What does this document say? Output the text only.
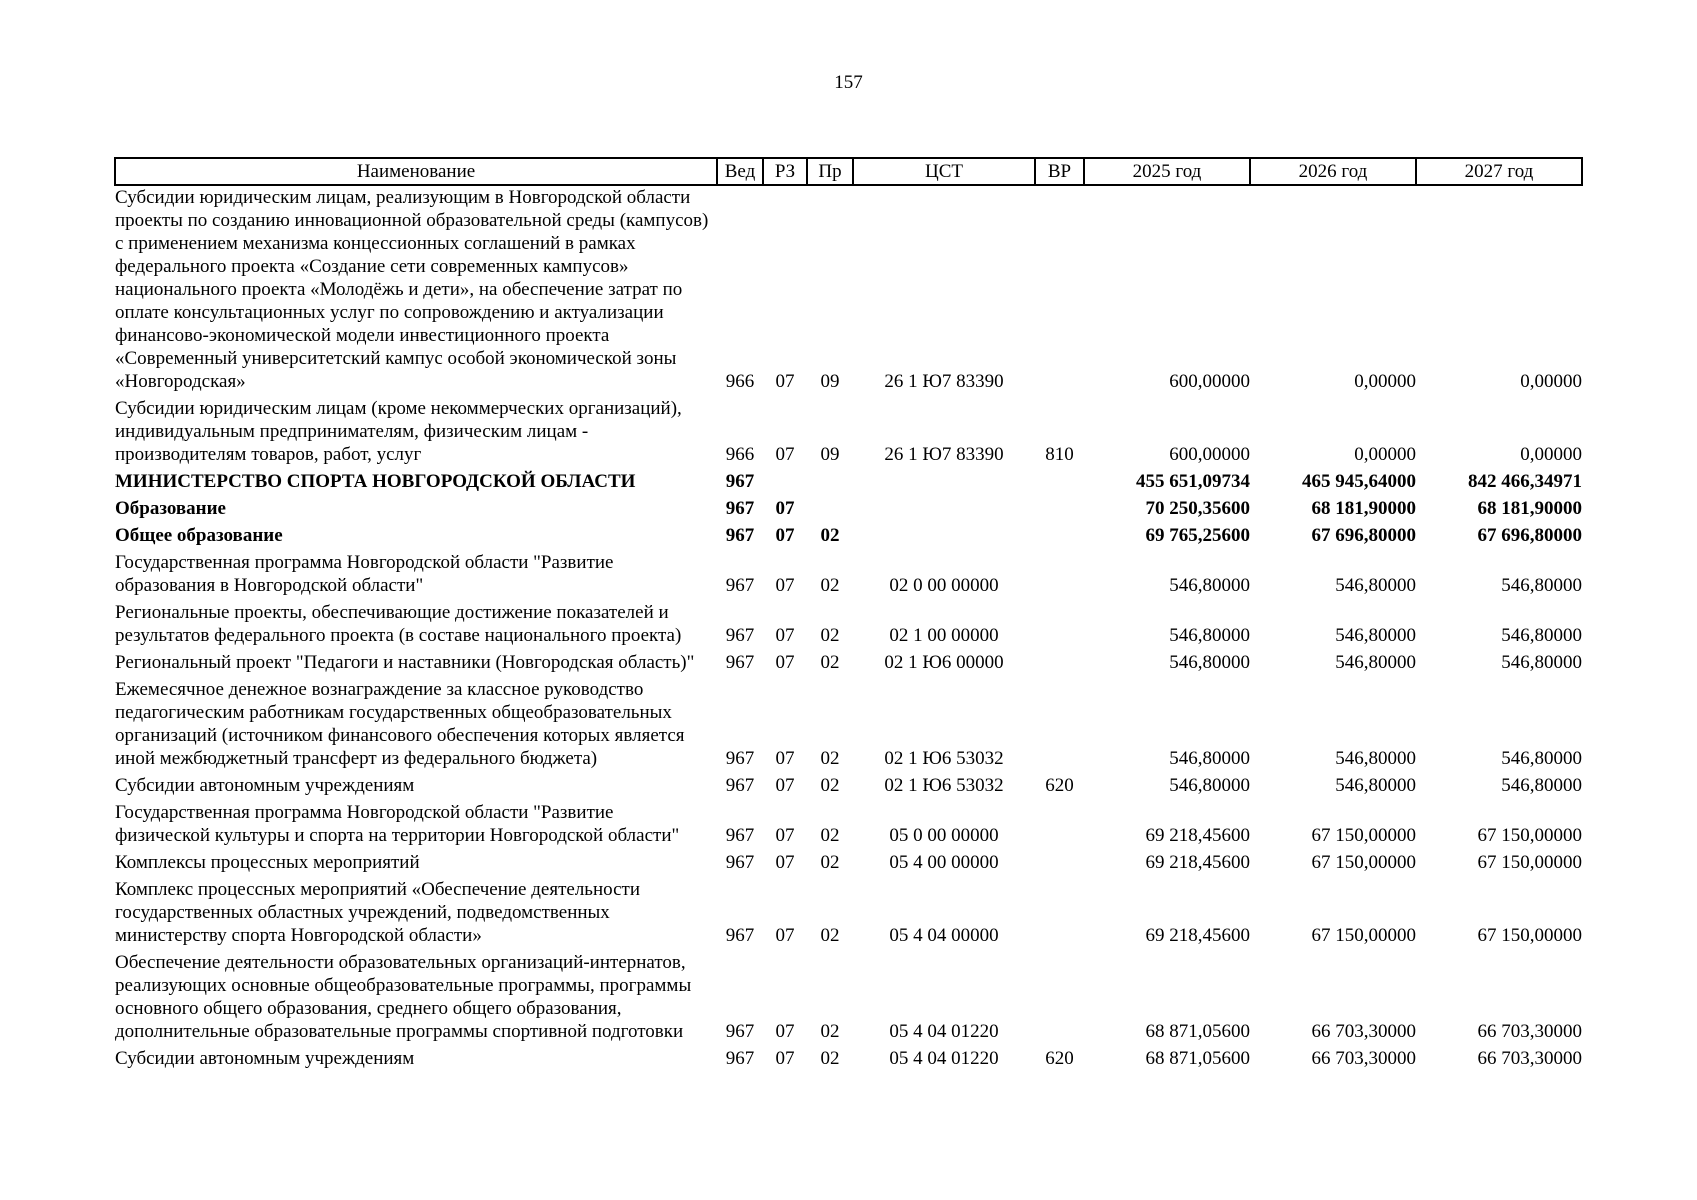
157
Наименование	Вед	РЗ	Пр	ЦСТ	ВР	2025 год	2026 год	2027 год
Субсидии юридическим лицам, реализующим в Новгородской области проекты по созданию инновационной образовательной среды (кампусов) с применением механизма концессионных соглашений в рамках федерального проекта «Создание сети современных кампусов» национального проекта «Молодёжь и дети», на обеспечение затрат по оплате консультационных услуг по сопровождению и актуализации финансово-экономической модели инвестиционного проекта «Современный университетский кампус особой экономической зоны «Новгородская»	966	07	09	26 1 Ю7 83390		600,00000	0,00000	0,00000
Субсидии юридическим лицам (кроме некоммерческих организаций), индивидуальным предпринимателям, физическим лицам - производителям товаров, работ, услуг	966	07	09	26 1 Ю7 83390	810	600,00000	0,00000	0,00000
МИНИСТЕРСТВО СПОРТА НОВГОРОДСКОЙ ОБЛАСТИ	967					455 651,09734	465 945,64000	842 466,34971
Образование	967	07				70 250,35600	68 181,90000	68 181,90000
Общее образование	967	07	02			69 765,25600	67 696,80000	67 696,80000
Государственная программа Новгородской области "Развитие образования в Новгородской области"	967	07	02	02 0 00 00000		546,80000	546,80000	546,80000
Региональные проекты, обеспечивающие достижение показателей и результатов федерального проекта (в составе национального проекта)	967	07	02	02 1 00 00000		546,80000	546,80000	546,80000
Региональный проект "Педагоги и наставники (Новгородская область)"	967	07	02	02 1 Ю6 00000		546,80000	546,80000	546,80000
Ежемесячное денежное вознаграждение за классное руководство педагогическим работникам государственных общеобразовательных организаций (источником финансового обеспечения которых является иной межбюджетный трансферт из федерального бюджета)	967	07	02	02 1 Ю6 53032		546,80000	546,80000	546,80000
Субсидии автономным учреждениям	967	07	02	02 1 Ю6 53032	620	546,80000	546,80000	546,80000
Государственная программа Новгородской области "Развитие физической культуры и спорта на территории Новгородской области"	967	07	02	05 0 00 00000		69 218,45600	67 150,00000	67 150,00000
Комплексы процессных мероприятий	967	07	02	05 4 00 00000		69 218,45600	67 150,00000	67 150,00000
Комплекс процессных мероприятий «Обеспечение деятельности государственных областных учреждений, подведомственных министерству спорта Новгородской области»	967	07	02	05 4 04 00000		69 218,45600	67 150,00000	67 150,00000
Обеспечение деятельности образовательных организаций-интернатов, реализующих основные общеобразовательные программы, программы основного общего образования, среднего общего образования, дополнительные образовательные программы спортивной подготовки	967	07	02	05 4 04 01220		68 871,05600	66 703,30000	66 703,30000
Субсидии автономным учреждениям	967	07	02	05 4 04 01220	620	68 871,05600	66 703,30000	66 703,30000
